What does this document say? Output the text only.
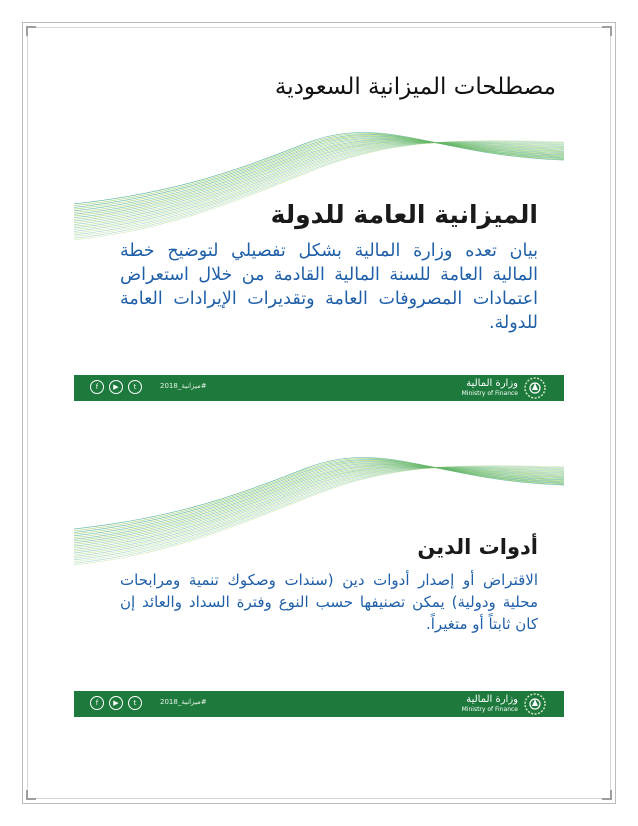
مصطلحات الميزانية السعودية
الميزانية العامة للدولة
بيان تعده وزارة المالية بشكل تفصيلي لتوضيح خطة المالية العامة للسنة المالية القادمة من خلال استعراض اعتمادات المصروفات العامة وتقديرات الإيرادات العامة للدولة.
f	▶	t	#ميزانية_2018	وزارة المالية
Ministry of Finance
أدوات الدين
الاقتراض أو إصدار أدوات دين (سندات وصكوك تنمية ومرابحات محلية ودولية) يمكن تصنيفها حسب النوع وفترة السداد والعائد إن كان ثابتاً أو متغيراً.
f	▶	t	#ميزانية_2018	وزارة المالية
Ministry of Finance
